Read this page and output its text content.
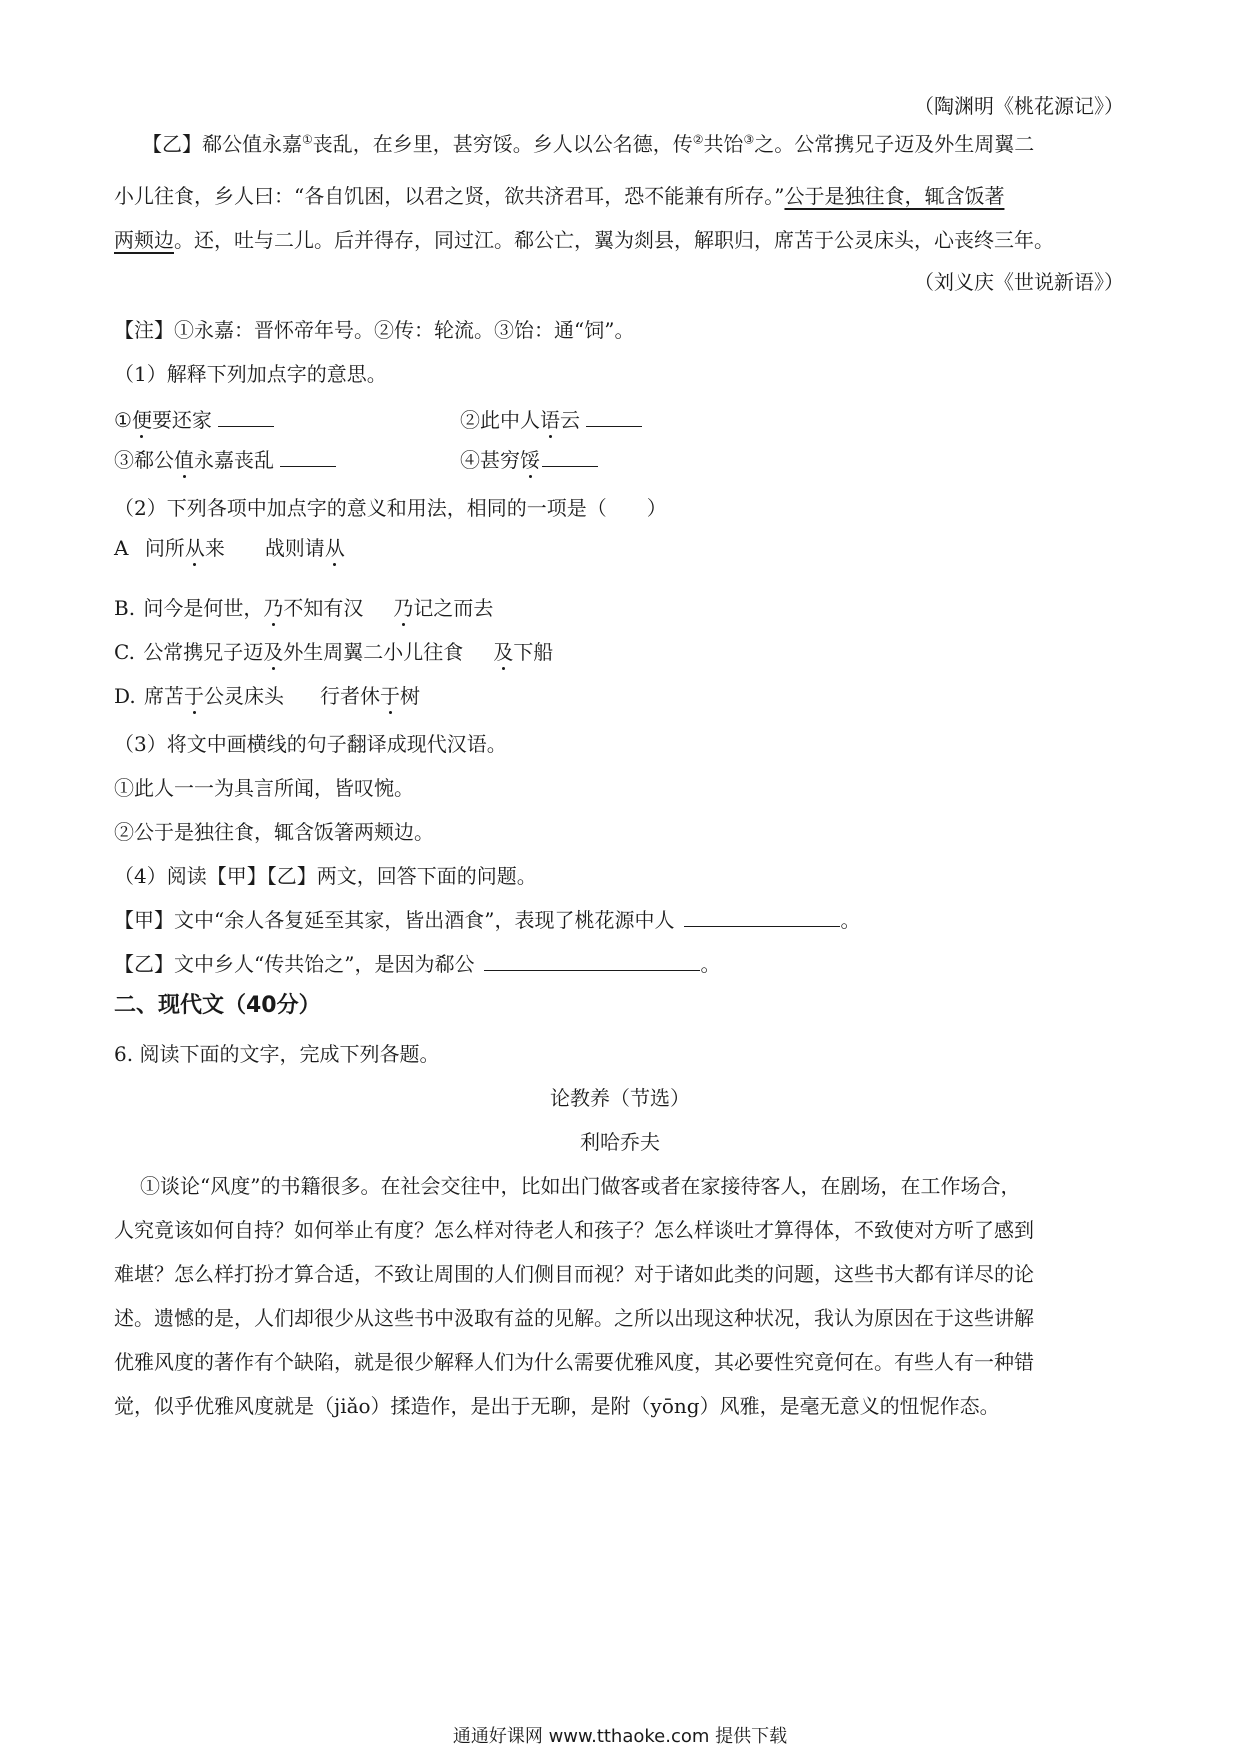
（陶渊明《桃花源记》）
【乙】郗公值永嘉①丧乱，在乡里，甚穷馁。乡人以公名德，传②共饴③之。公常携兄子迈及外生周翼二
小儿往食，乡人曰：“各自饥困，以君之贤，欲共济君耳，恐不能兼有所存。”公于是独往食，辄含饭著
两颊边。还，吐与二儿。后并得存，同过江。郗公亡，翼为剡县，解职归，席苫于公灵床头，心丧终三年。
（刘义庆《世说新语》）
【注】①永嘉：晋怀帝年号。②传：轮流。③饴：通“饲”。
（1）解释下列加点字的意思。
①便要还家	②此中人语云
③郗公值永嘉丧乱	④甚穷馁
（2）下列各项中加点字的意义和用法，相同的一项是（　　）
A 问所从来 战则请从
B. 问今是何世，乃不知有汉 乃记之而去
C. 公常携兄子迈及外生周翼二小儿往食 及下船
D. 席苫于公灵床头 行者休于树
（3）将文中画横线的句子翻译成现代汉语。
①此人一一为具言所闻，皆叹惋。
②公于是独往食，辄含饭箸两颊边。
（4）阅读【甲】【乙】两文，回答下面的问题。
【甲】文中“余人各复延至其家，皆出酒食”，表现了桃花源中人	。
【乙】文中乡人“传共饴之”，是因为郗公	。
二、现代文（40分）
6. 阅读下面的文字，完成下列各题。
论教养（节选）
利哈乔夫
①谈论“风度”的书籍很多。在社会交往中，比如出门做客或者在家接待客人，在剧场，在工作场合，
人究竟该如何自持？如何举止有度？怎么样对待老人和孩子？怎么样谈吐才算得体，不致使对方听了感到
难堪？怎么样打扮才算合适，不致让周围的人们侧目而视？对于诸如此类的问题，这些书大都有详尽的论
述。遗憾的是，人们却很少从这些书中汲取有益的见解。之所以出现这种状况，我认为原因在于这些讲解
优雅风度的著作有个缺陷，就是很少解释人们为什么需要优雅风度，其必要性究竟何在。有些人有一种错
觉，似乎优雅风度就是（jiǎo）揉造作，是出于无聊，是附（yōng）风雅，是毫无意义的忸怩作态。
通通好课网 www.tthaoke.com 提供下载
